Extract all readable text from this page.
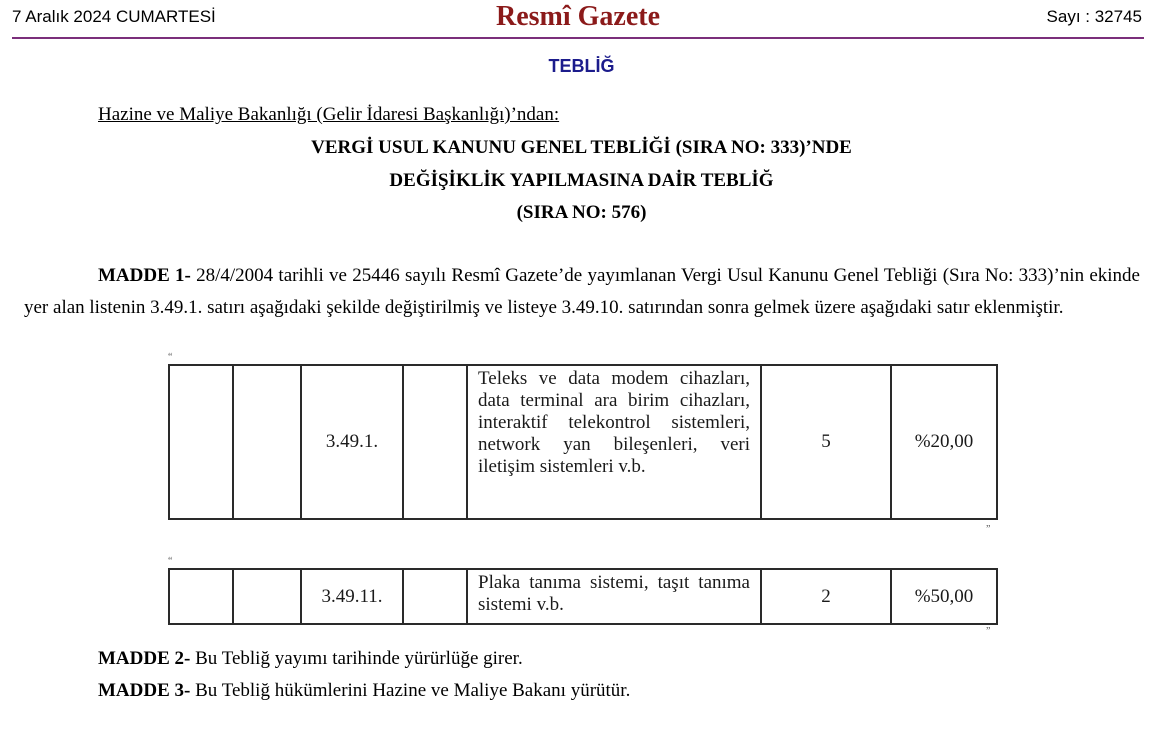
7 Aralık 2024 CUMARTESİ	Resmî Gazete	Sayı : 32745
TEBLİĞ
Hazine ve Maliye Bakanlığı (Gelir İdaresi Başkanlığı)’ndan:
VERGİ USUL KANUNU GENEL TEBLİĞİ (SIRA NO: 333)’NDE
DEĞİŞİKLİK YAPILMASINA DAİR TEBLİĞ
(SIRA NO: 576)

MADDE 1- 28/4/2004 tarihli ve 25446 sayılı Resmî Gazete’de yayımlanan Vergi Usul Kanunu Genel Tebliği (Sıra No: 333)’nin ekinde yer alan listenin 3.49.1. satırı aşağıdaki şekilde değiştirilmiş ve listeye 3.49.10. satırından sonra gelmek üzere aşağıdaki satır eklenmiştir.

“
		3.49.1.		Teleks ve data modem cihazları, data terminal ara birim cihazları, interaktif telekontrol sistemleri, network yan bileşenleri, veri iletişim sistemleri v.b.	5	%20,00
”
“
		3.49.11.		Plaka tanıma sistemi, taşıt tanıma sistemi v.b.	2	%50,00
”
MADDE 2- Bu Tebliğ yayımı tarihinde yürürlüğe girer.
MADDE 3- Bu Tebliğ hükümlerini Hazine ve Maliye Bakanı yürütür.
